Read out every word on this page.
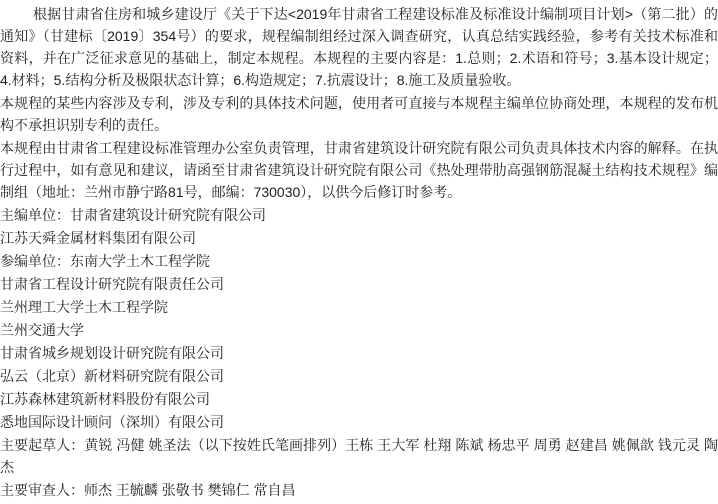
根据甘肃省住房和城乡建设厅《关于下达<2019年甘肃省工程建设标准及标准设计编制项目计划>（第二批）的通知》（甘建标〔2019〕354号）的要求，规程编制组经过深入调查研究，认真总结实践经验，参考有关技术标准和资料，并在广泛征求意见的基础上，制定本规程。本规程的主要内容是：1.总则；2.术语和符号；3.基本设计规定；4.材料；5.结构分析及极限状态计算；6.构造规定；7.抗震设计；8.施工及质量验收。

本规程的某些内容涉及专利，涉及专利的具体技术问题，使用者可直接与本规程主编单位协商处理，本规程的发布机构不承担识别专利的责任。

本规程由甘肃省工程建设标准管理办公室负责管理，甘肃省建筑设计研究院有限公司负责具体技术内容的解释。在执行过程中，如有意见和建议，请函至甘肃省建筑设计研究院有限公司《热处理带肋高强钢筋混凝土结构技术规程》编制组（地址：兰州市静宁路81号，邮编：730030），以供今后修订时参考。

主编单位：甘肃省建筑设计研究院有限公司

江苏天舜金属材料集团有限公司

参编单位：东南大学土木工程学院

甘肃省工程设计研究院有限责任公司

兰州理工大学土木工程学院

兰州交通大学

甘肃省城乡规划设计研究院有限公司

弘云（北京）新材料研究院有限公司

江苏森林建筑新材料股份有限公司

悉地国际设计顾问（深圳）有限公司

主要起草人：黄锐 冯健 姚圣法（以下按姓氏笔画排列）王栋 王大军 杜翔 陈斌 杨忠平 周勇 赵建昌 姚佩歆 钱元灵 陶杰

主要审查人：师杰 王毓麟 张敬书 樊锦仁 常自昌
